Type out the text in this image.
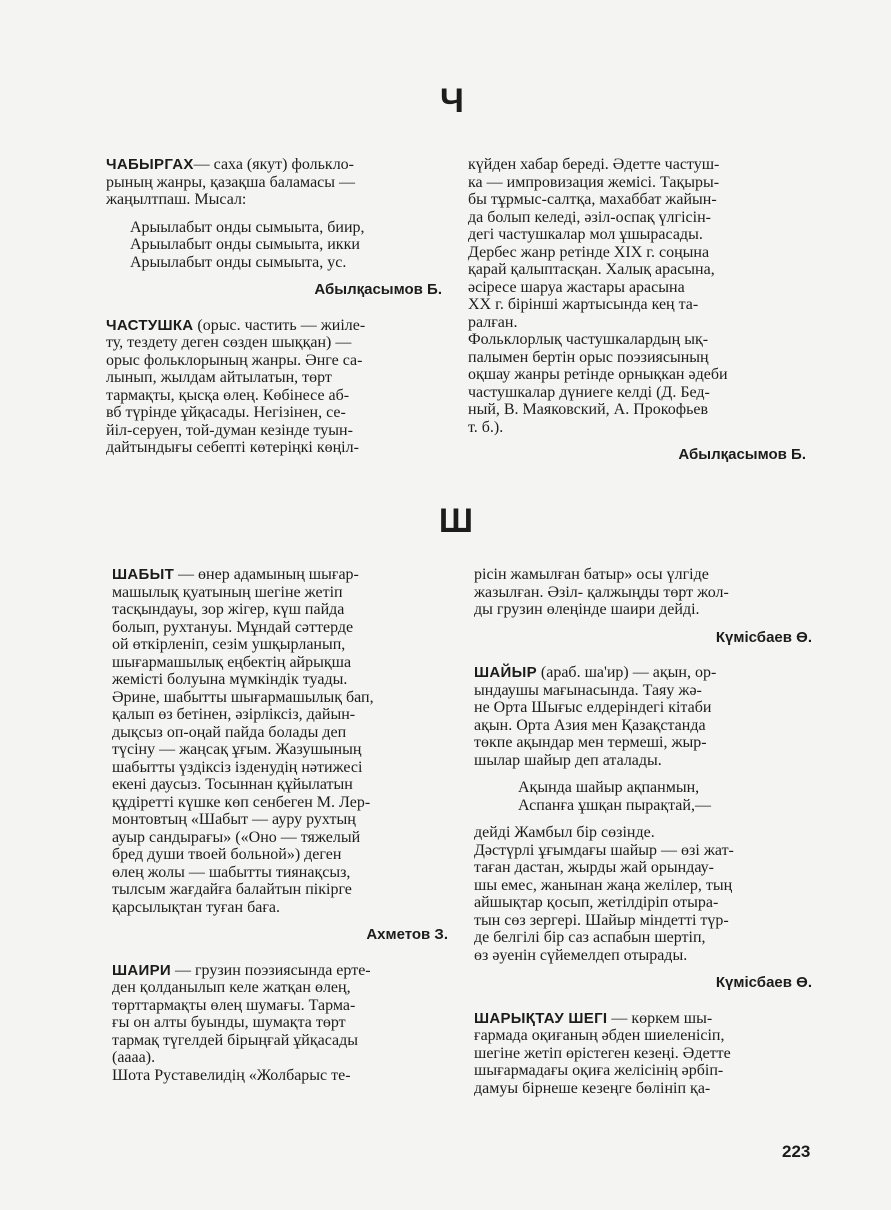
Ч

ЧАБЫРГАХ— саха (якут) фолькло-

рының жанры, қазақша баламасы —

жаңылтпаш. Мысал:

Арыылабыт онды сымыыта, биир,

Арыылабыт онды сымыыта, икки

Арыылабыт онды сымыыта, ус.

Абылқасымов Б.

ЧАСТУШКА (орыс. частить — жиіле-

ту, тездету деген сөзден шыққан) —

орыс фольклорының жанры. Әнге са-

лынып, жылдам айтылатын, төрт

тармақты, қысқа өлең. Көбінесе аб-

вб түрінде ұйқасады. Негізінен, се-

йіл-серуен, той-думан кезінде туын-

дайтындығы себепті көтеріңкі көңіл-

күйден хабар береді. Әдетте частуш-

ка — импровизация жемісі. Тақыры-

бы тұрмыс-салтқа, махаббат жайын-

да болып келеді, әзіл-оспақ үлгісін-

дегі частушкалар мол ұшырасады.

Дербес жанр ретінде XIX г. соңына

қарай қалыптасқан. Халық арасына,

әсіресе шаруа жастары арасына

XX г. бірінші жартысында кең та-

ралған.

Фольклорлық частушкалардың ық-

палымен бертін орыс поэзиясының

оқшау жанры ретінде орнықкан әдеби

частушкалар дүниеге келді (Д. Бед-

ный, В. Маяковский, А. Прокофьев

т. б.).

Абылқасымов Б.

Ш

ШАБЫТ — өнер адамының шығар-

машылық қуатының шегіне жетіп

тасқындауы, зор жігер, күш пайда

болып, рухтануы. Мұндай сәттерде

ой өткірленіп, сезім ушқырланып,

шығармашылық еңбектің айрықша

жемісті болуына мүмкіндік туады.

Әрине, шабытты шығармашылық бап,

қалып өз бетінен, әзірліксіз, дайын-

дықсыз оп-оңай пайда болады деп

түсіну — жаңсақ ұғым. Жазушының

шабытты үздіксіз ізденудің нәтижесі

екені даусыз. Тосыннан құйылатын

құдіретті күшке көп сенбеген М. Лер-

монтовтың «Шабыт — ауру рухтың

ауыр сандырағы» («Оно — тяжелый

бред души твоей больной») деген

өлең жолы — шабытты тиянақсыз,

тылсым жағдайға балайтын пікірге

қарсылықтан туған баға.

Ахметов З.

ШАИРИ — грузин поэзиясында ерте-

ден қолданылып келе жатқан өлең,

төрттармақты өлең шумағы. Тарма-

ғы он алты буынды, шумақта төрт

тармақ түгелдей бірыңғай ұйқасады

(аааа).

Шота Руставелидің «Жолбарыс те-

рісін жамылған батыр» осы үлгіде

жазылған. Әзіл- қалжыңды төрт жол-

ды грузин өлеңінде шаири дейді.

Күмісбаев Ө.

ШАЙЫР (араб. ша'ир) — ақын, ор-

ындаушы мағынасында. Таяу жә-

не Орта Шығыс елдеріндегі кітаби

ақын. Орта Азия мен Қазақстанда

төкпе ақындар мен термеші, жыр-

шылар шайыр деп аталады.

Ақында шайыр ақпанмын,

Аспанға ұшқан пырақтай,—

дейді Жамбыл бір сөзінде.

Дәстүрлі ұғымдағы шайыр — өзі жат-

таған дастан, жырды жай орындау-

шы емес, жанынан жаңа желілер, тың

айшықтар қосып, жетілдіріп отыра-

тын сөз зергері. Шайыр міндетті түр-

де белгілі бір саз аспабын шертіп,

өз әуенін сүйемелдеп отырады.

Күмісбаев Ө.

ШАРЫҚТАУ ШЕГІ — көркем шы-

ғармада оқиғаның әбден шиеленісіп,

шегіне жетіп өрістеген кезеңі. Әдетте

шығармадағы оқиға желісінің әрбіп-

дамуы бірнеше кезеңге бөлініп қа-

223
